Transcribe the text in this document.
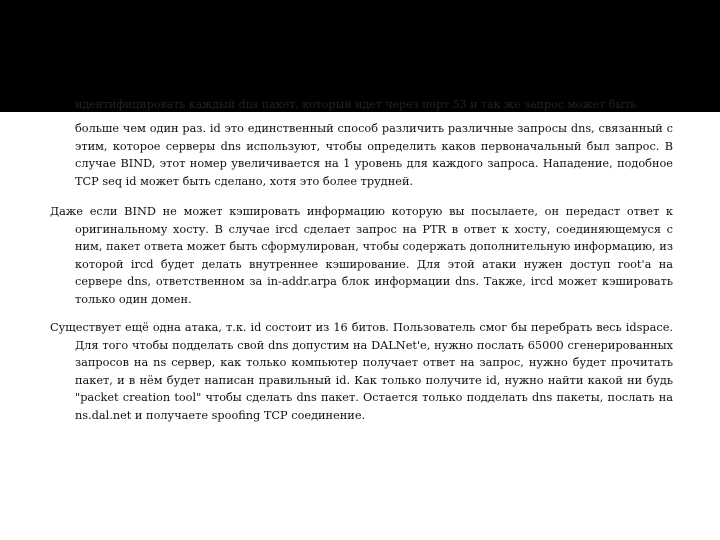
идентифицировать каждый dns пакет, который идет через порт 53 и так же запрос может быть
больше чем один раз. id это единственный способ различить различные запросы dns, связанный с этим, которое серверы dns используют, чтобы определить каков первоначальный был запрос. В случае BIND, этот номер увеличивается на 1 уровень для каждого запроса. Нападение, подобное TCP seq id может быть сделано, хотя это более трудней.
Даже если BIND не может кэшировать информацию которую вы посылаете, он передаст ответ к оригинальному хосту. В случае ircd сделает запрос на PTR в ответ к хосту, соединяющемуся с ним, пакет ответа может быть сформулирован, чтобы содержать дополнительную информацию, из которой ircd будет делать внутреннее кэширование. Для этой атаки нужен доступ root'a на сервере dns, ответственном за in-addr.arpa блок информации dns. Также, ircd может кэшировать только один домен.
Существует ещё одна атака, т.к. id состоит из 16 битов. Пользователь смог бы перебрать весь idspace. Для того чтобы подделать свой dns допустим на DALNet'e, нужно послать 65000 сгенерированных запросов на ns сервер, как только компьютер получает ответ на запрос, нужно будет прочитать пакет, и в нём будет написан правильный id. Как только получите id, нужно найти какой ни будь "packet creation tool" чтобы сделать dns пакет. Остается только подделать dns пакеты, послать на ns.dal.net и получаете spoofing TCP соединение.
